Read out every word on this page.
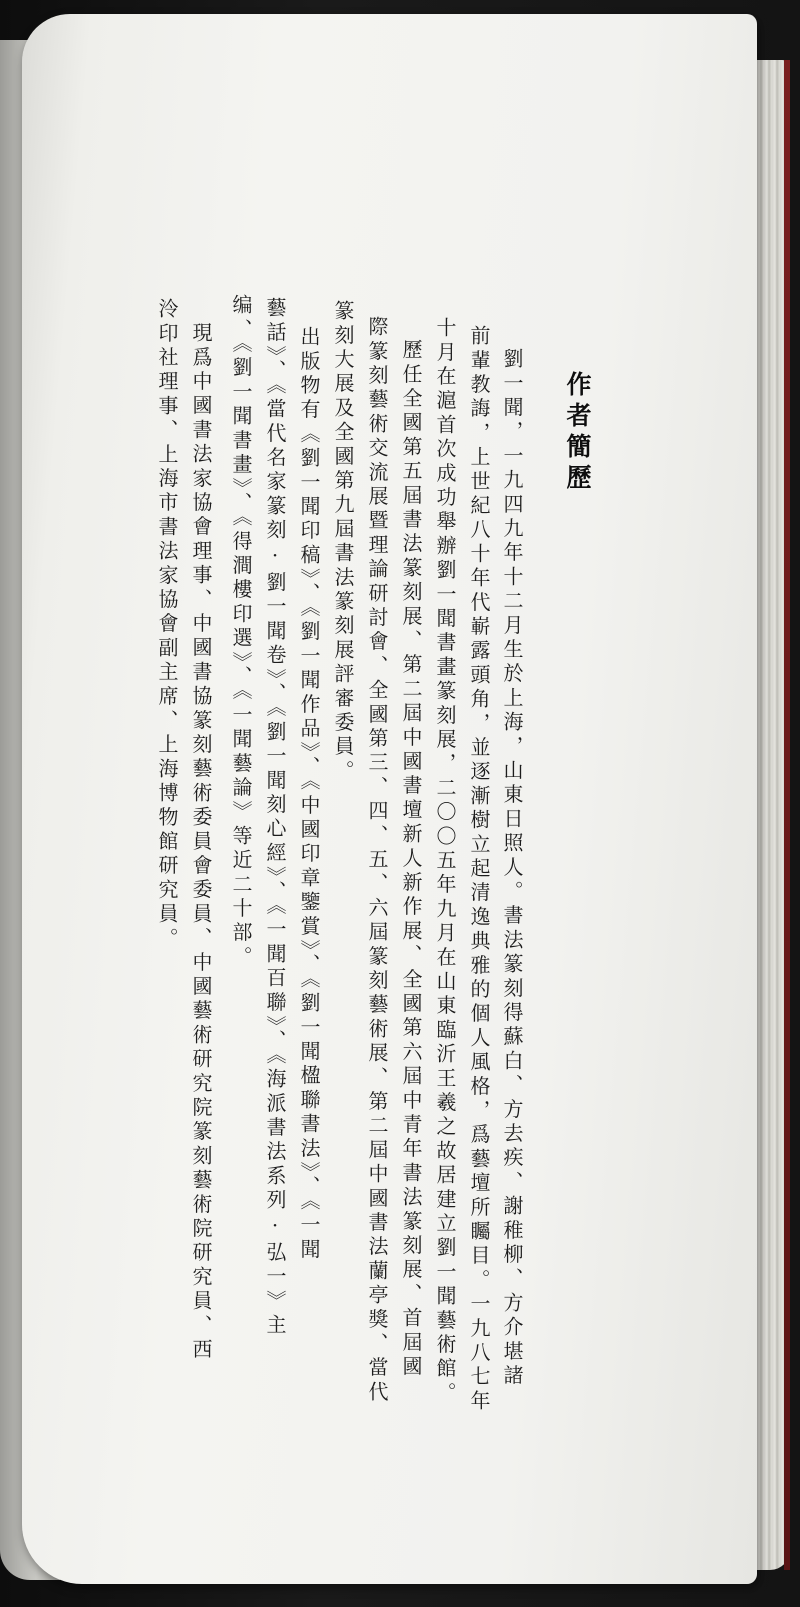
作者簡歷
劉一聞，一九四九年十二月生於上海，山東日照人。書法篆刻得蘇白、方去疾、謝稚柳、方介堪諸
前輩教誨，上世紀八十年代嶄露頭角，並逐漸樹立起清逸典雅的個人風格，爲藝壇所矚目。一九八七年
十月在滬首次成功舉辦劉一聞書畫篆刻展，二〇〇五年九月在山東臨沂王羲之故居建立劉一聞藝術館。
歷任全國第五屆書法篆刻展、第二屆中國書壇新人新作展、全國第六屆中青年書法篆刻展、首屆國
際篆刻藝術交流展暨理論研討會、全國第三、四、五、六屆篆刻藝術展、第二屆中國書法蘭亭獎、當代
篆刻大展及全國第九屆書法篆刻展評審委員。
出版物有《劉一聞印稿》、《劉一聞作品》、《中國印章鑒賞》、《劉一聞楹聯書法》、《一聞
藝話》、《當代名家篆刻·劉一聞卷》、《劉一聞刻心經》、《一聞百聯》、《海派書法系列·弘一》主
编、《劉一聞書畫》、《得澗樓印選》、《一聞藝論》等近二十部。
現爲中國書法家協會理事、中國書協篆刻藝術委員會委員、中國藝術研究院篆刻藝術院研究員、西
泠印社理事、上海市書法家協會副主席、上海博物館研究員。
